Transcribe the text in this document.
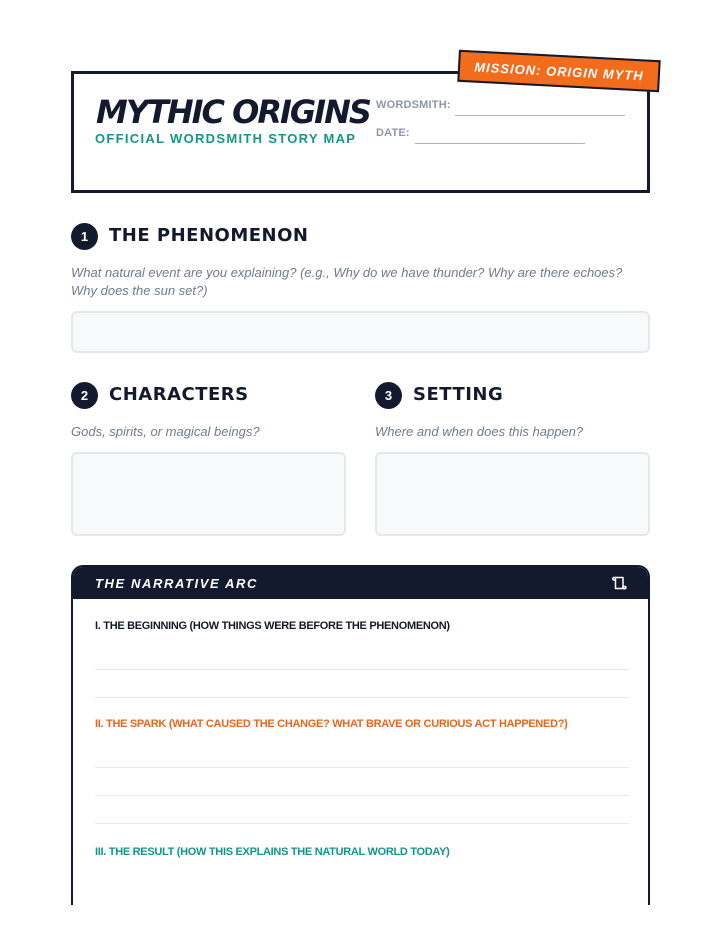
MISSION: ORIGIN MYTH
MYTHIC ORIGINS
OFFICIAL WORDSMITH STORY MAP
WORDSMITH:
DATE:
1	THE PHENOMENON
What natural event are you explaining? (e.g., Why do we have thunder? Why are there echoes? Why does the sun set?)
2	CHARACTERS
Gods, spirits, or magical beings?
3	SETTING
Where and when does this happen?
THE NARRATIVE ARC
I. THE BEGINNING (HOW THINGS WERE BEFORE THE PHENOMENON)
II. THE SPARK (WHAT CAUSED THE CHANGE? WHAT BRAVE OR CURIOUS ACT HAPPENED?)
III. THE RESULT (HOW THIS EXPLAINS THE NATURAL WORLD TODAY)
